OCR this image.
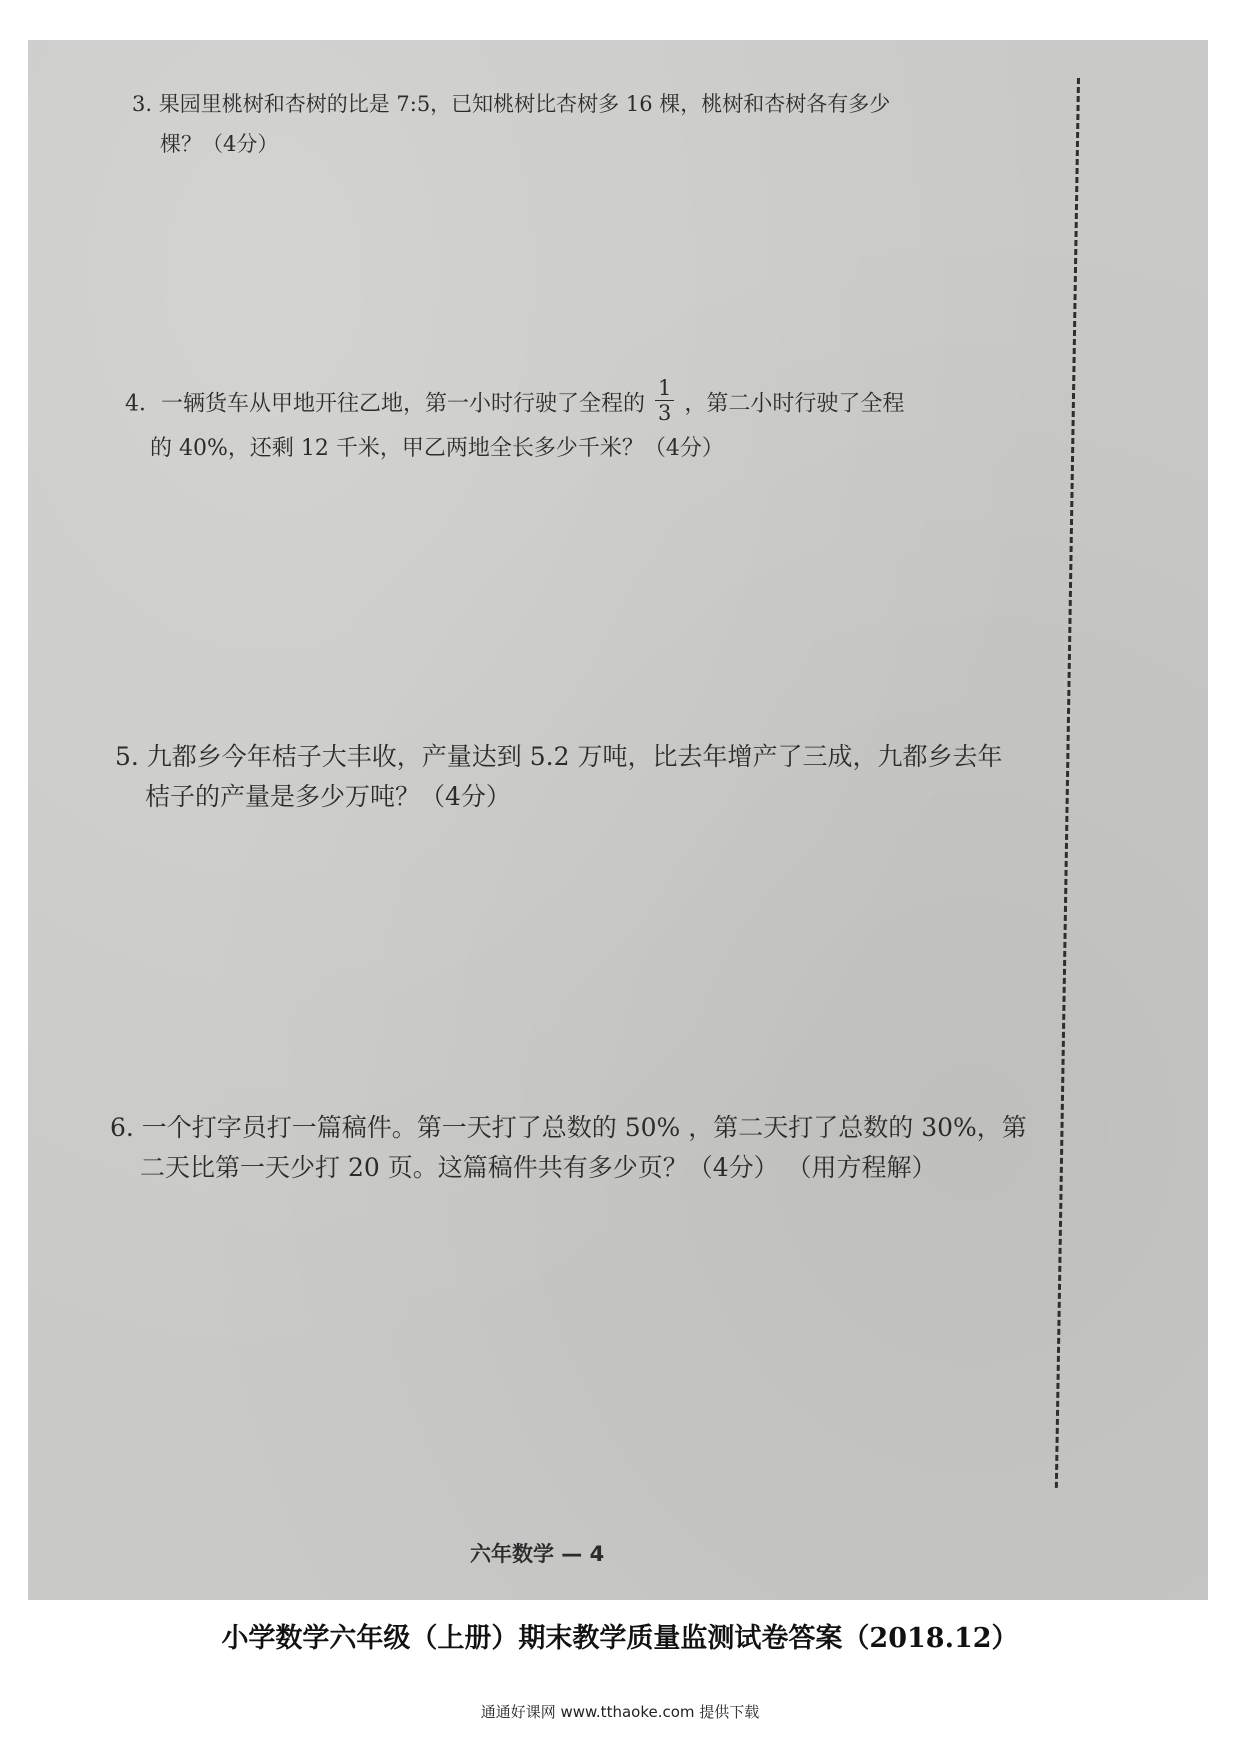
3. 果园里桃树和杏树的比是 7:5，已知桃树比杏树多 16 棵，桃树和杏树各有多少
棵？（4分）
4．一辆货车从甲地开往乙地，第一小时行驶了全程的 $\frac{1}{3}$ ，第二小时行驶了全程
的 40%，还剩 12 千米，甲乙两地全长多少千米？（4分）
5. 九都乡今年桔子大丰收，产量达到 5.2 万吨，比去年增产了三成，九都乡去年
桔子的产量是多少万吨？（4分）
6. 一个打字员打一篇稿件。第一天打了总数的 50% ，第二天打了总数的 30%，第
二天比第一天少打 20 页。这篇稿件共有多少页？（4分） （用方程解）
六年数学 — 4
小学数学六年级（上册）期末教学质量监测试卷答案（2018.12）
通通好课网 www.tthaoke.com 提供下载
